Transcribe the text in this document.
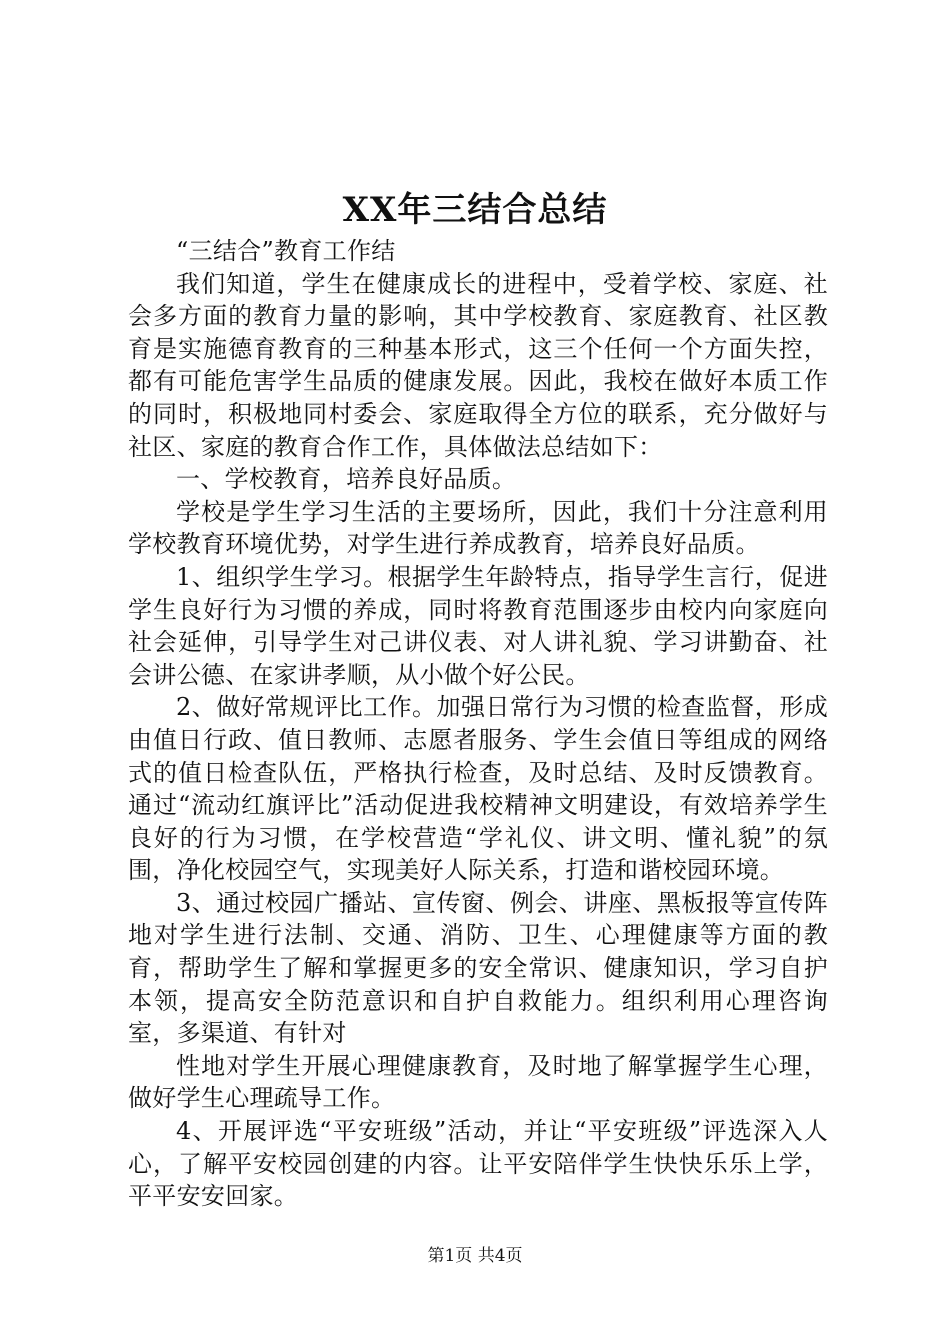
XX年三结合总结

“三结合”教育工作结

我们知道，学生在健康成长的进程中，受着学校、家庭、社会多方面的教育力量的影响，其中学校教育、家庭教育、社区教育是实施德育教育的三种基本形式，这三个任何一个方面失控，都有可能危害学生品质的健康发展。因此，我校在做好本质工作的同时，积极地同村委会、家庭取得全方位的联系，充分做好与社区、家庭的教育合作工作，具体做法总结如下：

一、学校教育，培养良好品质。

学校是学生学习生活的主要场所，因此，我们十分注意利用学校教育环境优势，对学生进行养成教育，培养良好品质。

1、组织学生学习。根据学生年龄特点，指导学生言行，促进学生良好行为习惯的养成，同时将教育范围逐步由校内向家庭向社会延伸，引导学生对己讲仪表、对人讲礼貌、学习讲勤奋、社会讲公德、在家讲孝顺，从小做个好公民。

2、做好常规评比工作。加强日常行为习惯的检查监督，形成由值日行政、值日教师、志愿者服务、学生会值日等组成的网络式的值日检查队伍，严格执行检查，及时总结、及时反馈教育。通过“流动红旗评比”活动促进我校精神文明建设，有效培养学生良好的行为习惯，在学校营造“学礼仪、讲文明、懂礼貌”的氛围，净化校园空气，实现美好人际关系，打造和谐校园环境。

3、通过校园广播站、宣传窗、例会、讲座、黑板报等宣传阵地对学生进行法制、交通、消防、卫生、心理健康等方面的教育，帮助学生了解和掌握更多的安全常识、健康知识，学习自护本领，提高安全防范意识和自护自救能力。组织利用心理咨询室，多渠道、有针对

性地对学生开展心理健康教育，及时地了解掌握学生心理，做好学生心理疏导工作。

4、开展评选“平安班级”活动，并让“平安班级”评选深入人心，了解平安校园创建的内容。让平安陪伴学生快快乐乐上学，平平安安回家。

第1页 共4页
